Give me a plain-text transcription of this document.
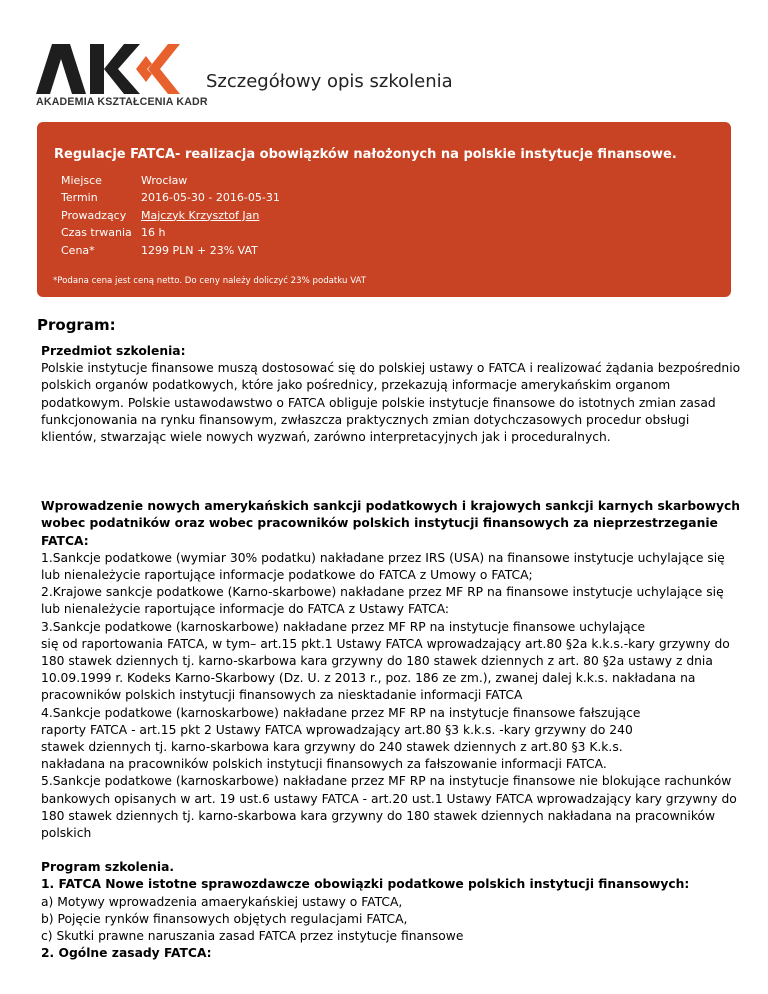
AKADEMIA KSZTAŁCENIA KADR
Szczegółowy opis szkolenia
Regulacje FATCA- realizacja obowiązków nałożonych na polskie instytucje finansowe.
Miejsce	Wrocław
Termin	2016-05-30 - 2016-05-31
Prowadzący	Majczyk Krzysztof Jan
Czas trwania 16 h
Cena*	1299 PLN + 23% VAT
*Podana cena jest ceną netto. Do ceny należy doliczyć 23% podatku VAT
Program:

Przedmiot szkolenia:

Polskie instytucje finansowe muszą dostosować się do polskiej ustawy o FATCA i realizować żądania bezpośrednio polskich organów podatkowych, które jako pośrednicy, przekazują informacje amerykańskim organom podatkowym. Polskie ustawodawstwo o FATCA obliguje polskie instytucje finansowe do istotnych zmian zasad funkcjonowania na rynku finansowym, zwłaszcza praktycznych zmian dotychczasowych procedur obsługi klientów, stwarzając wiele nowych wyzwań, zarówno interpretacyjnych jak i proceduralnych.

Wprowadzenie nowych amerykańskich sankcji podatkowych i krajowych sankcji karnych skarbowych wobec podatników oraz wobec pracowników polskich instytucji finansowych za nieprzestrzeganie FATCA:

1.Sankcje podatkowe (wymiar 30% podatku) nakładane przez IRS (USA) na finansowe instytucje uchylające się lub nienależycie raportujące informacje podatkowe do FATCA z Umowy o FATCA;

2.Krajowe sankcje podatkowe (Karno-skarbowe) nakładane przez MF RP na finansowe instytucje uchylające się lub nienależycie raportujące informacje do FATCA z Ustawy FATCA:

3.Sankcje podatkowe (karnoskarbowe) nakładane przez MF RP na instytucje finansowe uchylające

się od raportowania FATCA, w tym– art.15 pkt.1 Ustawy FATCA wprowadzający art.80 §2a k.k.s.-kary grzywny do 180 stawek dziennych tj. karno-skarbowa kara grzywny do 180 stawek dziennych z art. 80 §2a ustawy z dnia 10.09.1999 r. Kodeks Karno-Skarbowy (Dz. U. z 2013 r., poz. 186 ze zm.), zwanej dalej k.k.s. nakładana na pracowników polskich instytucji finansowych za niesktadanie informacji FATCA

4.Sankcje podatkowe (karnoskarbowe) nakładane przez MF RP na instytucje finansowe fałszujące

raporty FATCA - art.15 pkt 2 Ustawy FATCA wprowadzający art.80 §3 k.k.s. -kary grzywny do 240

stawek dziennych tj. karno-skarbowa kara grzywny do 240 stawek dziennych z art.80 §3 K.k.s.

nakładana na pracowników polskich instytucji finansowych za fałszowanie informacji FATCA.

5.Sankcje podatkowe (karnoskarbowe) nakładane przez MF RP na instytucje finansowe nie blokujące rachunków bankowych opisanych w art. 19 ust.6 ustawy FATCA - art.20 ust.1 Ustawy FATCA wprowadzający kary grzywny do 180 stawek dziennych tj. karno-skarbowa kara grzywny do 180 stawek dziennych nakładana na pracowników polskich

Program szkolenia.

1. FATCA Nowe istotne sprawozdawcze obowiązki podatkowe polskich instytucji finansowych:

a) Motywy wprowadzenia amaerykańskiej ustawy o FATCA,

b) Pojęcie rynków finansowych objętych regulacjami FATCA,

c) Skutki prawne naruszania zasad FATCA przez instytucje finansowe

2. Ogólne zasady FATCA:
